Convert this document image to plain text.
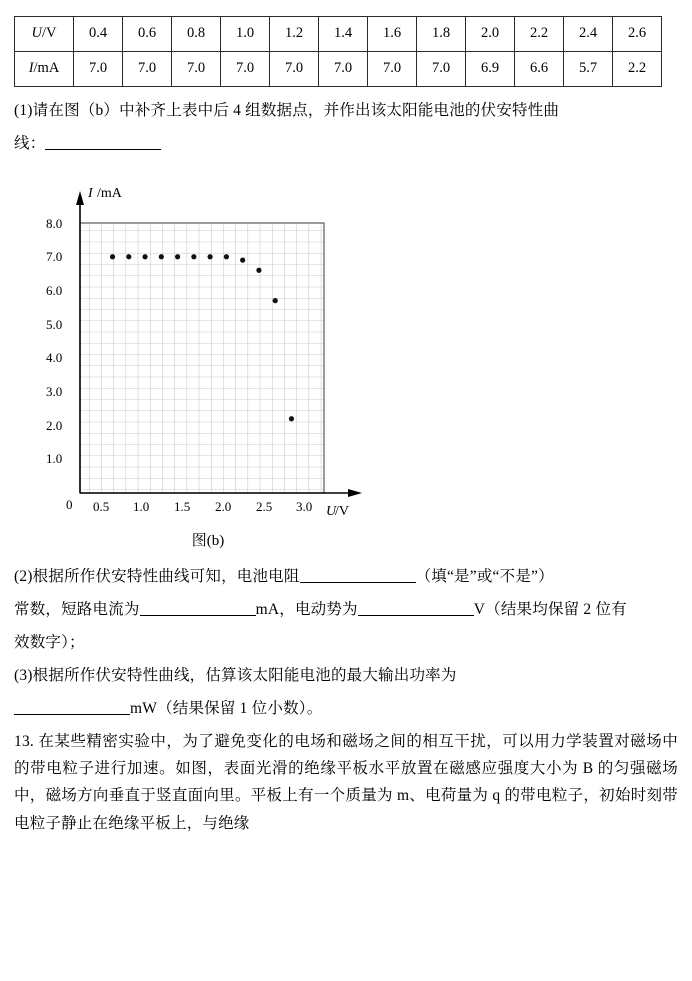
U/V	0.4	0.6	0.8	1.0	1.2	1.4	1.6	1.8	2.0	2.2	2.4	2.6
I/mA	7.0	7.0	7.0	7.0	7.0	7.0	7.0	7.0	6.9	6.6	5.7	2.2

(1)请在图（b）中补齐上表中后 4 组数据点，并作出该太阳能电池的伏安特性曲

线：

I /mA
U
/V
8.0
7.0
6.0
5.0
4.0
3.0
2.0
1.0
0 0.5 1.0 1.5 2.0 2.5 3.0

图(b)

(2)根据所作伏安特性曲线可知，电池电阻	（填“是”或“不是”）

常数，短路电流为	mA，电动势为	V（结果均保留 2 位有

效数字）；

(3)根据所作伏安特性曲线，估算该太阳能电池的最大输出功率为

mW（结果保留 1 位小数）。

13. 在某些精密实验中，为了避免变化的电场和磁场之间的相互干扰，可以用力学装置对磁场中的带电粒子进行加速。如图，表面光滑的绝缘平板水平放置在磁感应强度大小为 B 的匀强磁场中，磁场方向垂直于竖直面向里。平板上有一个质量为 m、电荷量为 q 的带电粒子，初始时刻带电粒子静止在绝缘平板上，与绝缘
